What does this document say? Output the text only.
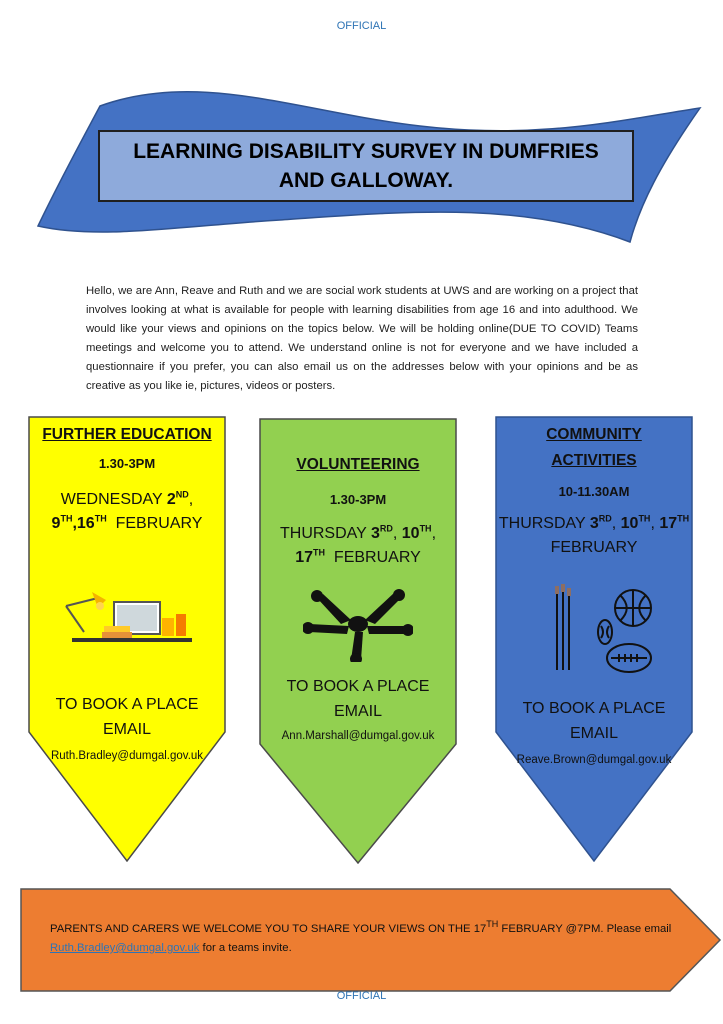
OFFICIAL
LEARNING DISABILITY SURVEY IN DUMFRIES
AND GALLOWAY.
Hello, we are Ann, Reave and Ruth and we are social work students at UWS and are working on a project that involves looking at what is available for people with learning disabilities from age 16 and into adulthood. We would like your views and opinions on the topics below. We will be holding online(DUE TO COVID) Teams meetings and welcome you to attend. We understand online is not for everyone and we have included a questionnaire if you prefer, you can also email us on the addresses below with your opinions and be as creative as you like ie, pictures, videos or posters.
FURTHER EDUCATION
1.30-3PM
WEDNESDAY 2ND,
9TH,16TH FEBRUARY
TO BOOK A PLACE
EMAIL
Ruth.Bradley@dumgal.gov.uk
VOLUNTEERING
1.30-3PM
THURSDAY 3RD, 10TH,
17TH FEBRUARY
TO BOOK A PLACE
EMAIL
Ann.Marshall@dumgal.gov.uk
COMMUNITY
ACTIVITIES
10-11.30AM
THURSDAY 3RD, 10TH, 17TH
FEBRUARY
TO BOOK A PLACE
EMAIL
Reave.Brown@dumgal.gov.uk
PARENTS AND CARERS WE WELCOME YOU TO SHARE YOUR VIEWS ON THE 17TH FEBRUARY @7PM. Please email
Ruth.Bradley@dumgal.gov.uk for a teams invite.
OFFICIAL
